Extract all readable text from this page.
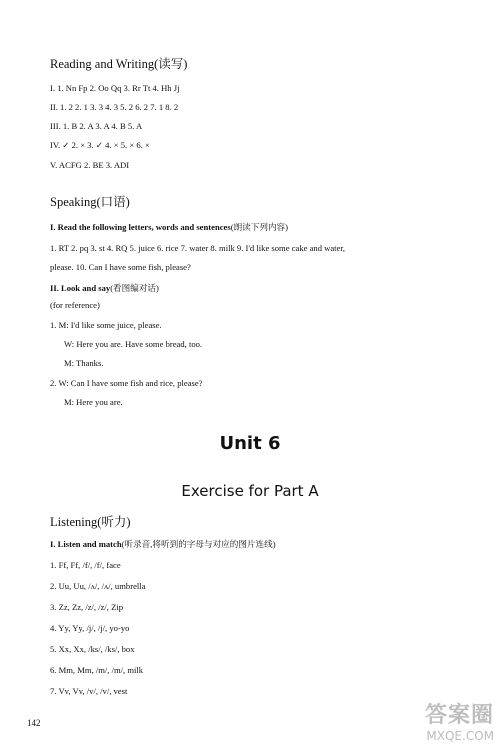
Reading and Writing(读写)
I. 1. Nn Fp 2. Oo Qq 3. Rr Tt 4. Hh Jj
II. 1. 2 2. 1 3. 3 4. 3 5. 2 6. 2 7. 1 8. 2
III. 1. B 2. A 3. A 4. B 5. A
IV. ✓ 2. × 3. ✓ 4. × 5. × 6. ×
V. ACFG 2. BE 3. ADI
Speaking(口语)
I. Read the following letters, words and sentences(朗读下列内容)
1. RT 2. pq 3. st 4. RQ 5. juice 6. rice 7. water 8. milk 9. I'd like some cake and water,
please. 10. Can I have some fish, please?
II. Look and say(看图编对话)
(for reference)
1. M: I'd like some juice, please.
W: Here you are. Have some bread, too.
M: Thanks.
2. W: Can I have some fish and rice, please?
M: Here you are.
Unit 6
Exercise for Part A
Listening(听力)
I. Listen and match(听录音,将听到的字母与对应的图片连线)
1. Ff, Ff, /f/, /f/, face
2. Uu, Uu, /ʌ/, /ʌ/, umbrella
3. Zz, Zz, /z/, /z/, Zip
4. Yy, Yy, /j/, /j/, yo-yo
5. Xx, Xx, /ks/, /ks/, box
6. Mm, Mm, /m/, /m/, milk
7. Vv, Vv, /v/, /v/, vest
142	答案圈
MXQE.COM
